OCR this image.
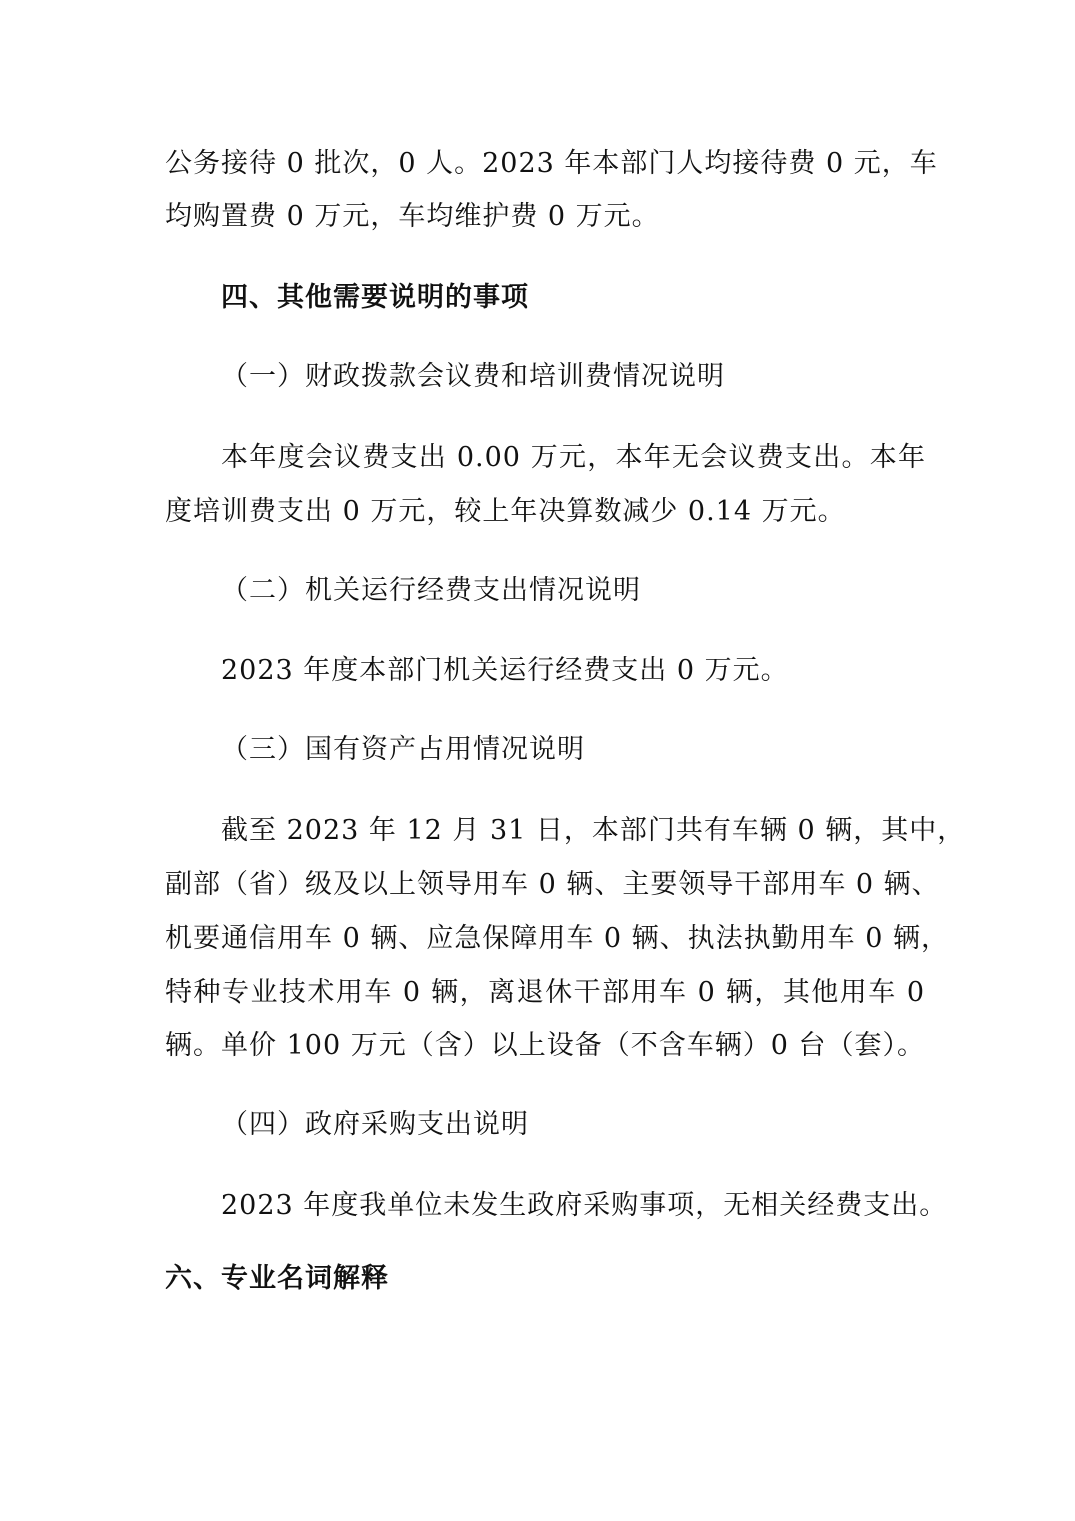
公务接待 0 批次，0 人。2023 年本部门人均接待费 0 元，车
均购置费 0 万元，车均维护费 0 万元。
四、其他需要说明的事项
（一）财政拨款会议费和培训费情况说明
本年度会议费支出 0.00 万元，本年无会议费支出。本年
度培训费支出 0 万元，较上年决算数减少 0.14 万元。
（二）机关运行经费支出情况说明
2023 年度本部门机关运行经费支出 0 万元。
（三）国有资产占用情况说明
截至 2023 年 12 月 31 日，本部门共有车辆 0 辆，其中，
副部（省）级及以上领导用车 0 辆、主要领导干部用车 0 辆、
机要通信用车 0 辆、应急保障用车 0 辆、执法执勤用车 0 辆，
特种专业技术用车 0 辆，离退休干部用车 0 辆，其他用车 0
辆。单价 100 万元（含）以上设备（不含车辆）0 台（套）。
（四）政府采购支出说明
2023 年度我单位未发生政府采购事项，无相关经费支出。
六、专业名词解释
